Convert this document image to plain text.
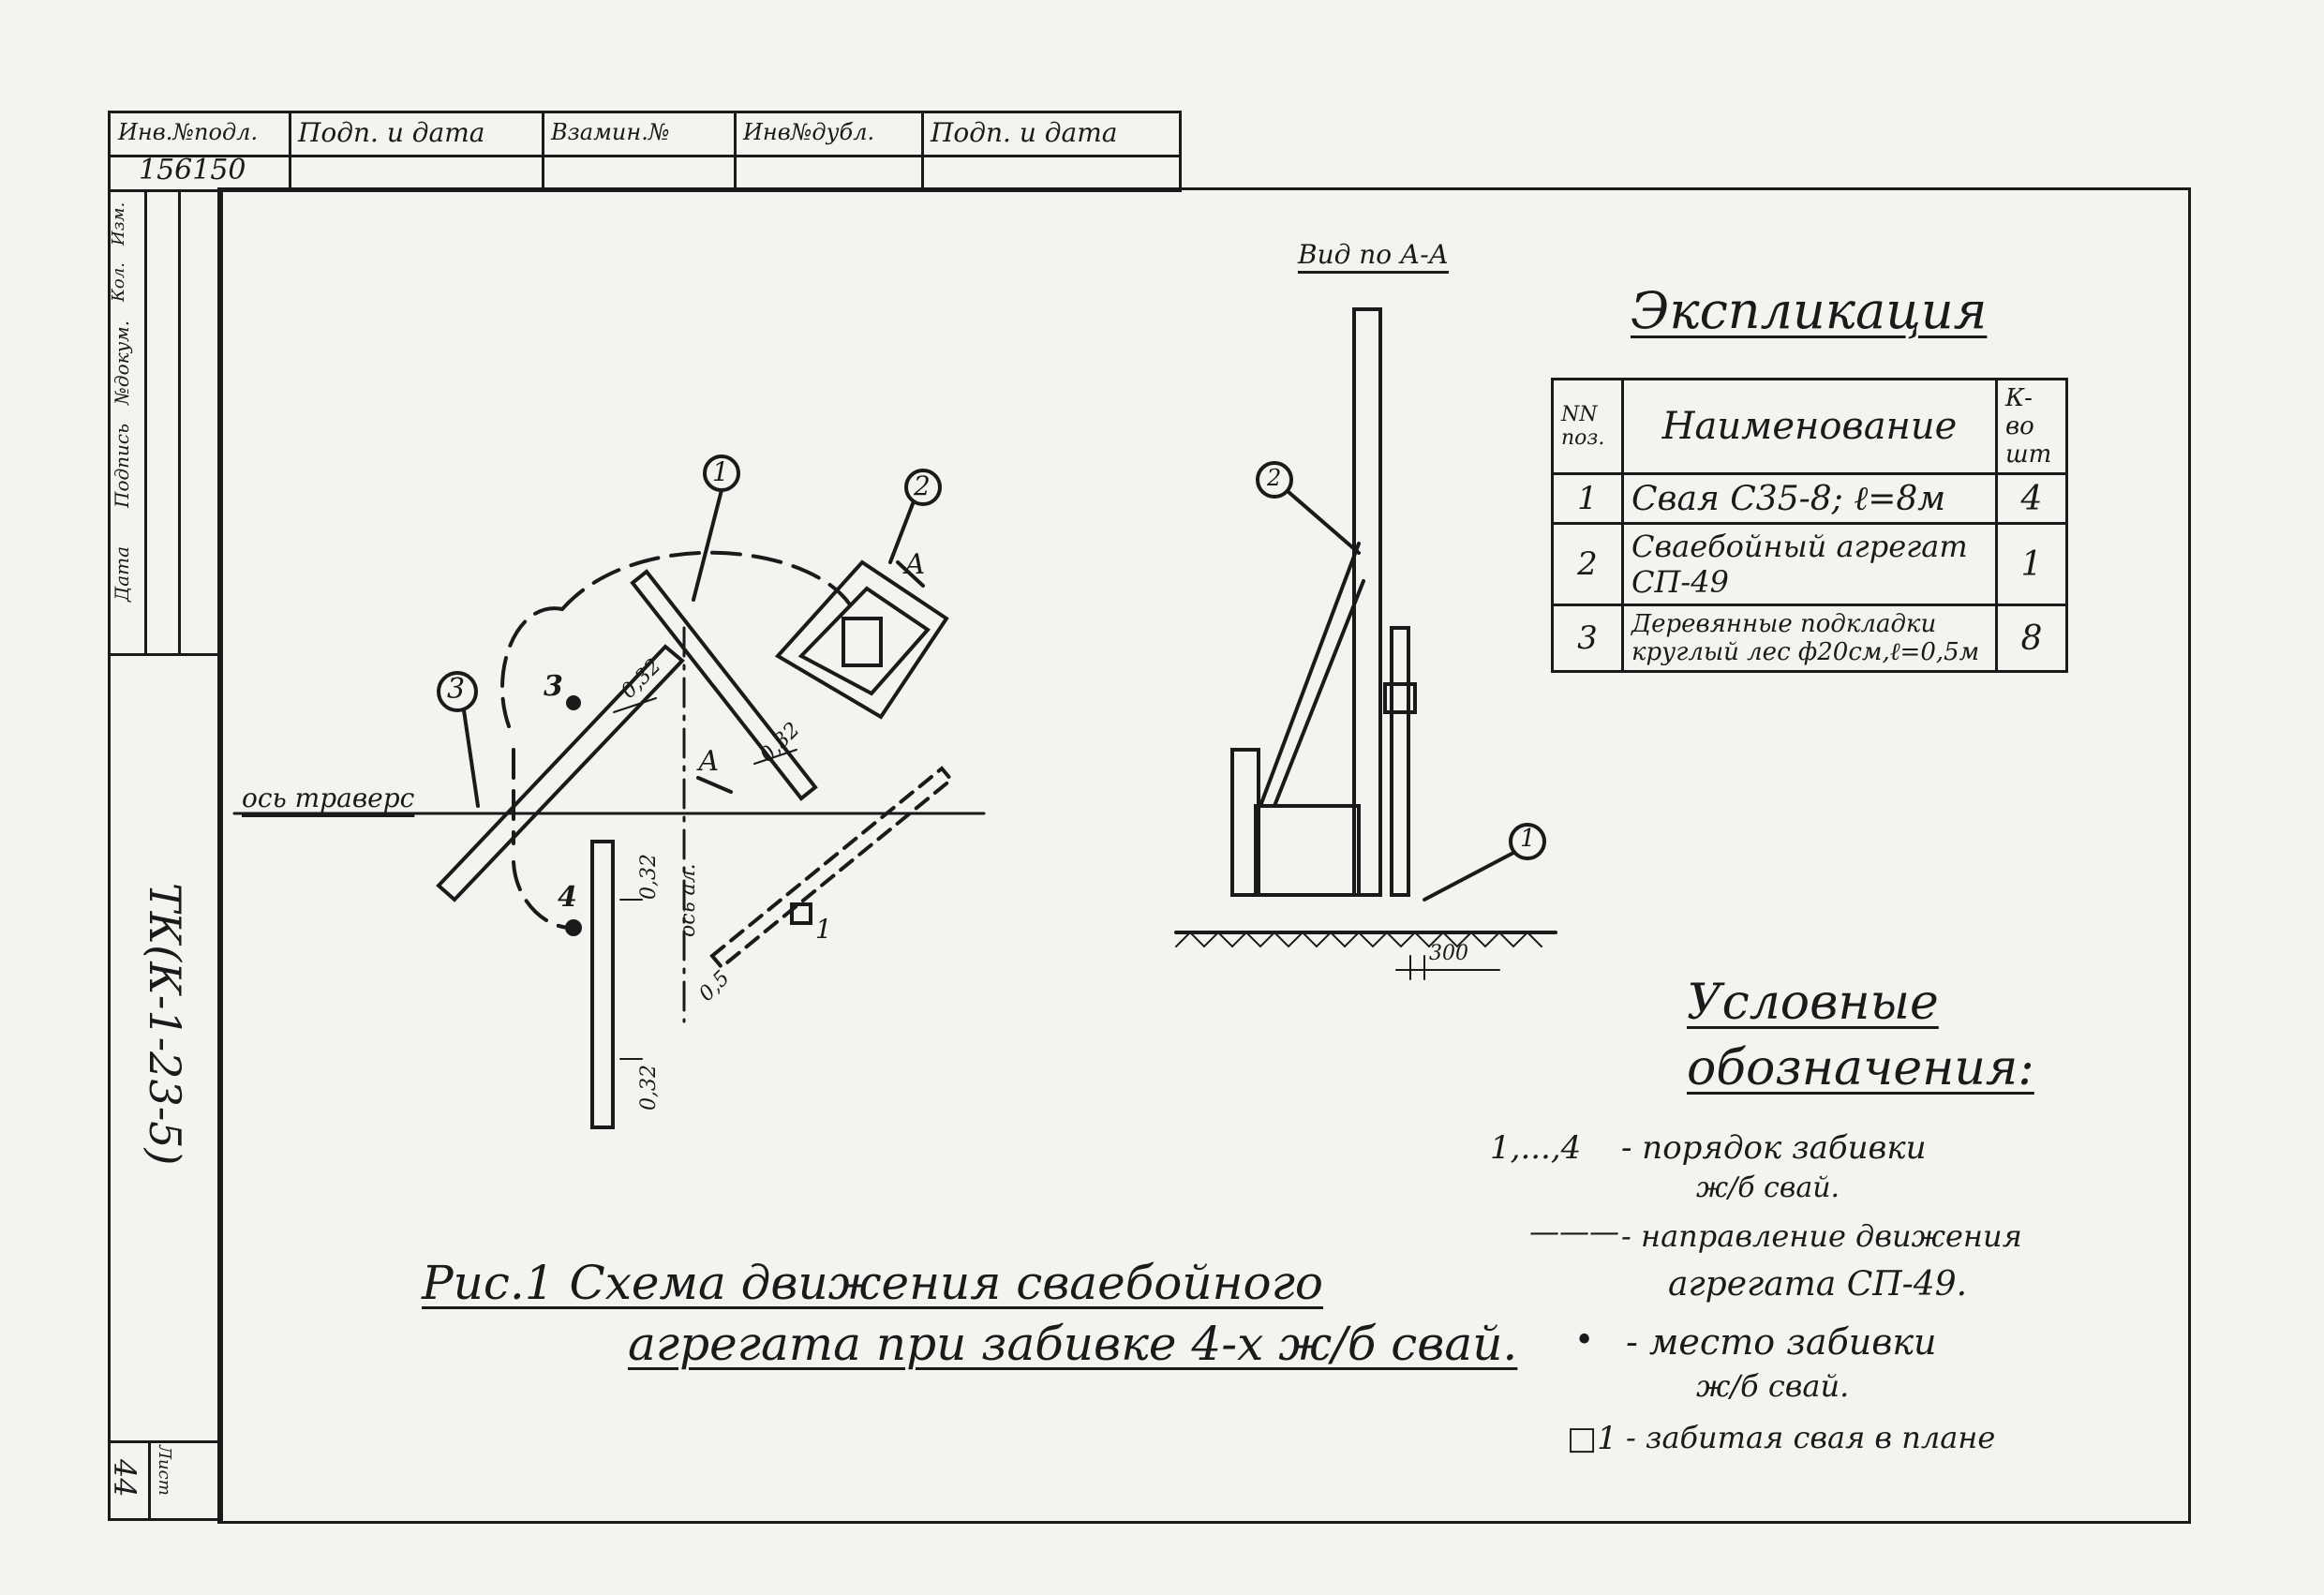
Инв.№подл. Подп. и дата	Взамин.№	Инв№дубл. Подп. и дата
156150
Изм.
Кол.
№докум.
Подпись
Дата
ТК(К-1-23-5)
Лист
44
1	2
3	3
4
1
А
А
ось траверс
ось ал.
0,32
0,32
0,32
0,32
0,5
Вид по А-А
2
1
300
Экспликация
NN поз.	Наименование	К-во шт
1	Свая С35-8; ℓ=8м	4
2	Сваебойный агрегат СП-49	1
3	Деревянные подкладки круглый лес ф20см,ℓ=0,5м	8
Условные
обозначения:
1,...,4 - порядок забивки
ж/б свай.
——— - направление движения
агрегата СП-49.
• - место забивки
ж/б свай.
□1 - забитая свая в плане
Рис.1 Схема движения сваебойного
агрегата при забивке 4-х ж/б свай.
